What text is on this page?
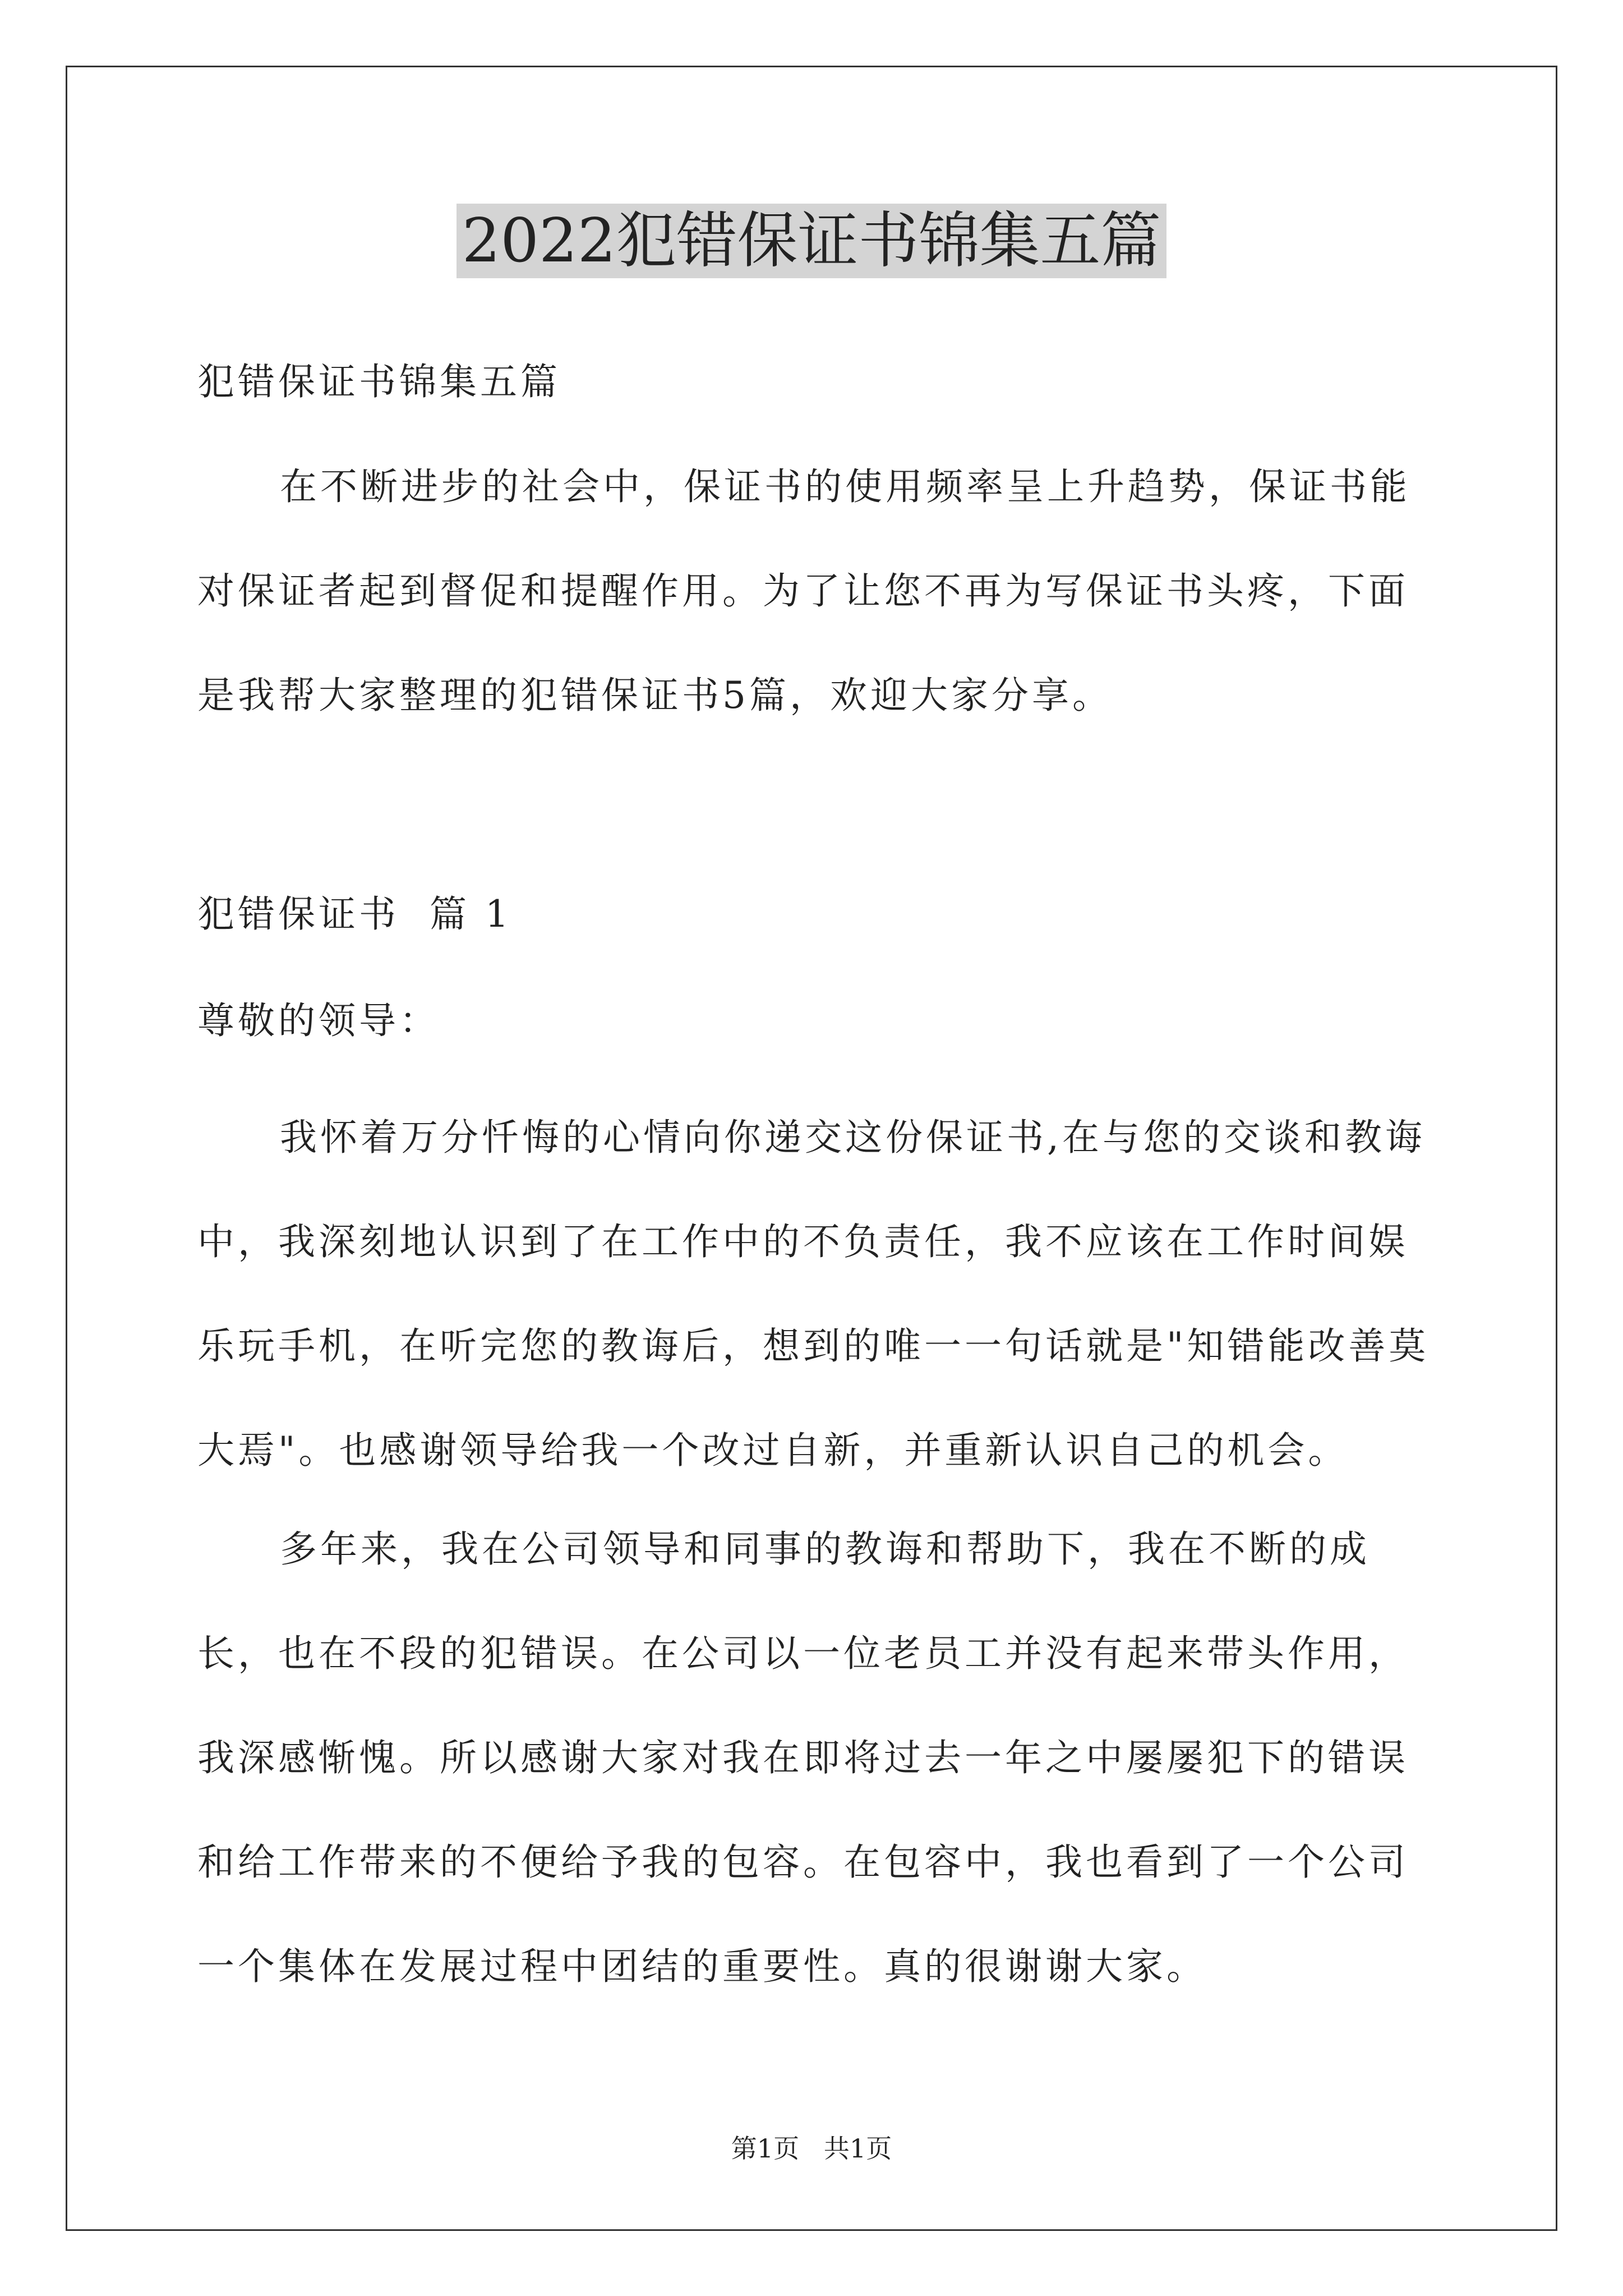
2022犯错保证书锦集五篇

犯错保证书锦集五篇

在不断进步的社会中，保证书的使用频率呈上升趋势，保证书能对保证者起到督促和提醒作用。为了让您不再为写保证书头疼，下面是我帮大家整理的犯错保证书5篇，欢迎大家分享。

犯错保证书  篇 1

尊敬的领导：

我怀着万分忏悔的心情向你递交这份保证书,在与您的交谈和教诲中，我深刻地认识到了在工作中的不负责任，我不应该在工作时间娱乐玩手机，在听完您的教诲后，想到的唯一一句话就是"知错能改善莫大焉"。也感谢领导给我一个改过自新，并重新认识自己的机会。

多年来，我在公司领导和同事的教诲和帮助下，我在不断的成长，也在不段的犯错误。在公司以一位老员工并没有起来带头作用，我深感惭愧。所以感谢大家对我在即将过去一年之中屡屡犯下的错误和给工作带来的不便给予我的包容。在包容中，我也看到了一个公司一个集体在发展过程中团结的重要性。真的很谢谢大家。

第1页   共1页
